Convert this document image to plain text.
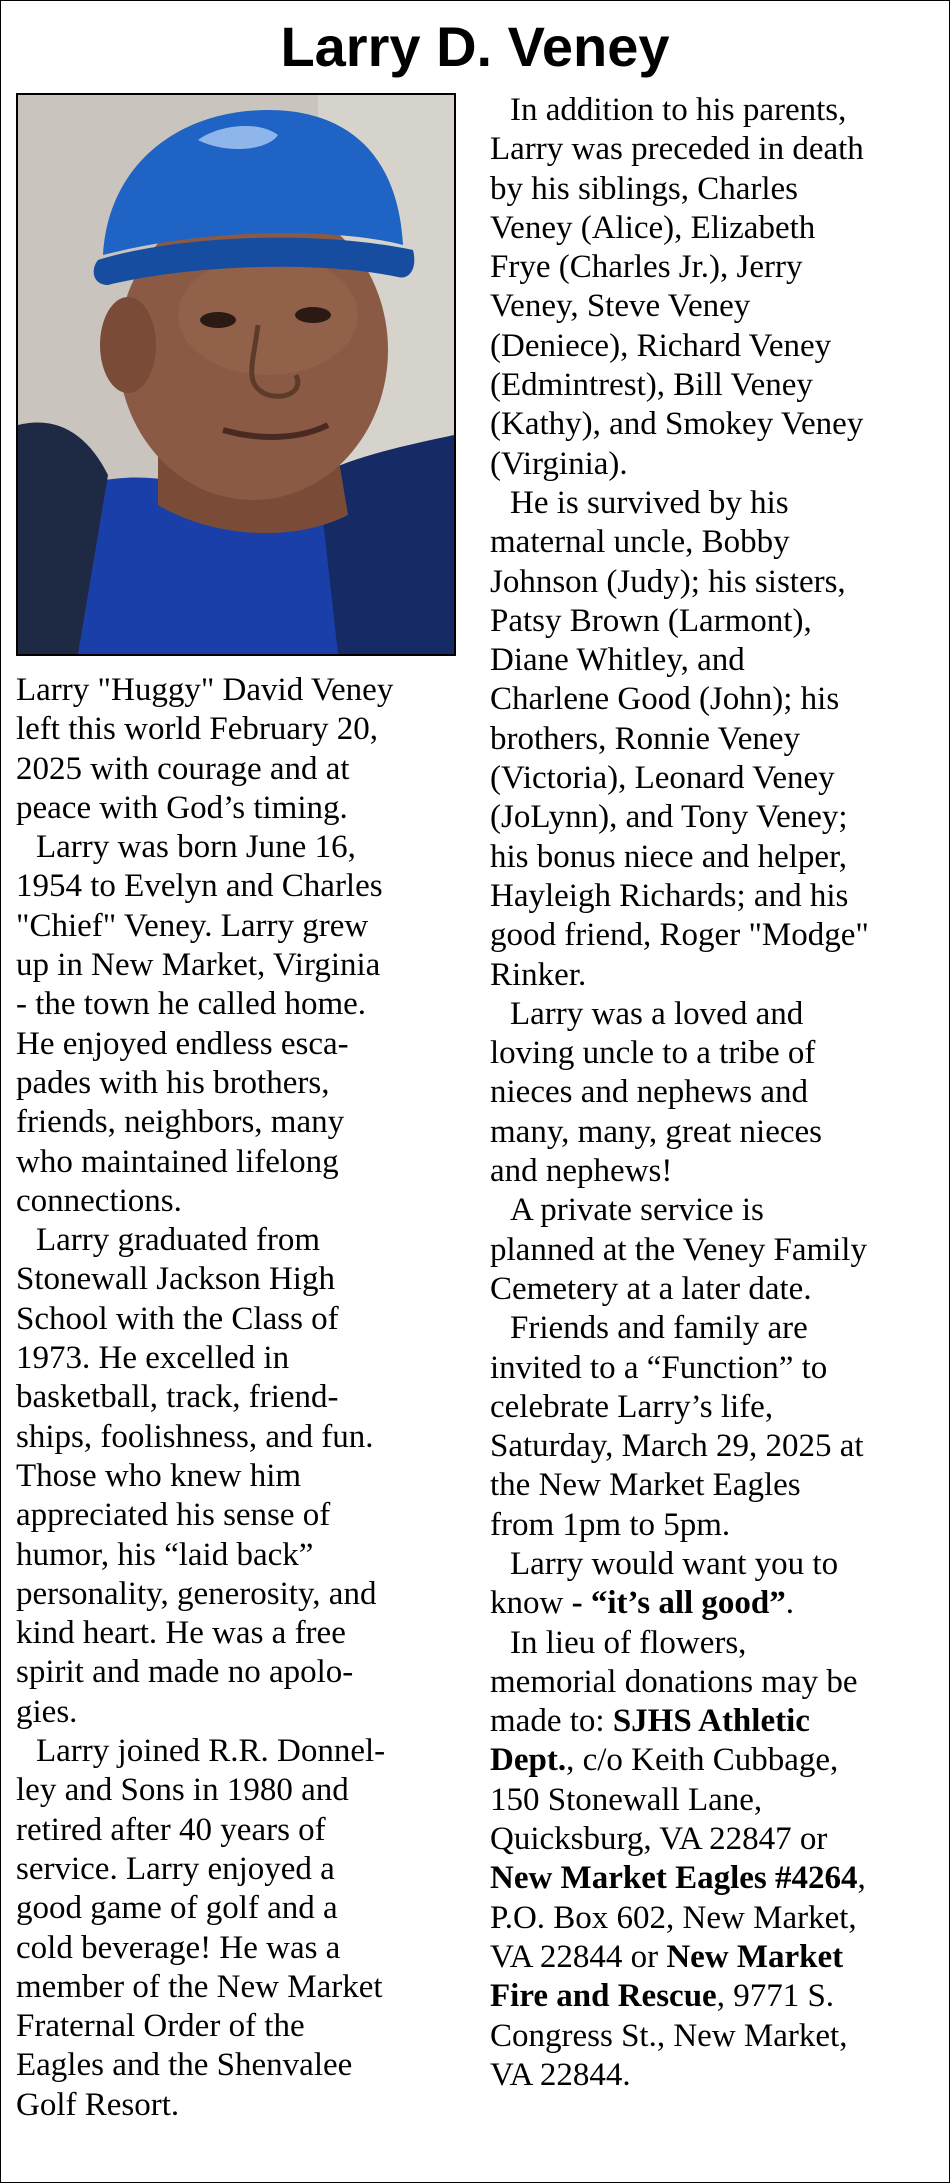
Larry D. Veney

Larry "Huggy" David Veney
left this world February 20,
2025 with courage and at
peace with God’s timing.

Larry was born June 16,
1954 to Evelyn and Charles
"Chief" Veney. Larry grew
up in New Market, Virginia
- the town he called home.
He enjoyed endless esca-
pades with his brothers,
friends, neighbors, many
who maintained lifelong
connections.

Larry graduated from
Stonewall Jackson High
School with the Class of
1973. He excelled in
basketball, track, friend-
ships, foolishness, and fun.
Those who knew him
appreciated his sense of
humor, his “laid back”
personality, generosity, and
kind heart. He was a free
spirit and made no apolo-
gies.

Larry joined R.R. Donnel-
ley and Sons in 1980 and
retired after 40 years of
service. Larry enjoyed a
good game of golf and a
cold beverage! He was a
member of the New Market
Fraternal Order of the
Eagles and the Shenvalee
Golf Resort.

In addition to his parents,
Larry was preceded in death
by his siblings, Charles
Veney (Alice), Elizabeth
Frye (Charles Jr.), Jerry
Veney, Steve Veney
(Deniece), Richard Veney
(Edmintrest), Bill Veney
(Kathy), and Smokey Veney
(Virginia).

He is survived by his
maternal uncle, Bobby
Johnson (Judy); his sisters,
Patsy Brown (Larmont),
Diane Whitley, and
Charlene Good (John); his
brothers, Ronnie Veney
(Victoria), Leonard Veney
(JoLynn), and Tony Veney;
his bonus niece and helper,
Hayleigh Richards; and his
good friend, Roger "Modge"
Rinker.

Larry was a loved and
loving uncle to a tribe of
nieces and nephews and
many, many, great nieces
and nephews!

A private service is
planned at the Veney Family
Cemetery at a later date.

Friends and family are
invited to a “Function” to
celebrate Larry’s life,
Saturday, March 29, 2025 at
the New Market Eagles
from 1pm to 5pm.

Larry would want you to
know - “it’s all good”.

In lieu of flowers,
memorial donations may be
made to: SJHS Athletic
Dept., c/o Keith Cubbage,
150 Stonewall Lane,
Quicksburg, VA 22847 or
New Market Eagles #4264,
P.O. Box 602, New Market,
VA 22844 or New Market
Fire and Rescue, 9771 S.
Congress St., New Market,
VA 22844.
